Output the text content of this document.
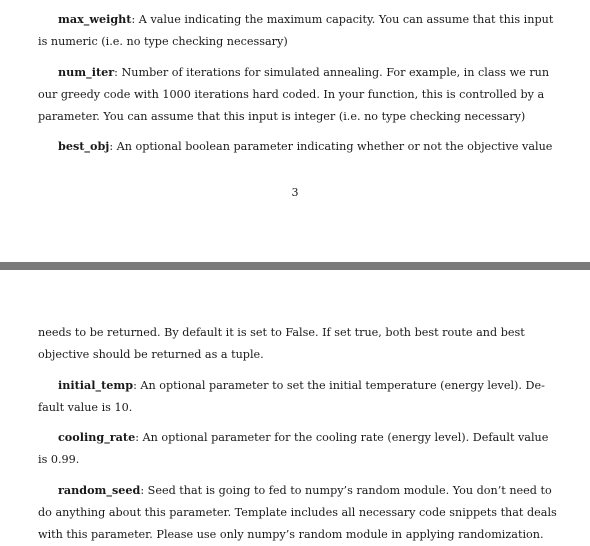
max_weight: A value indicating the maximum capacity. You can assume that this input
is numeric (i.e. no type checking necessary)

num_iter: Number of iterations for simulated annealing. For example, in class we run
our greedy code with 1000 iterations hard coded. In your function, this is controlled by a
parameter. You can assume that this input is integer (i.e. no type checking necessary)

best_obj: An optional boolean parameter indicating whether or not the objective value

3

needs to be returned. By default it is set to False. If set true, both best route and best
objective should be returned as a tuple.

initial_temp: An optional parameter to set the initial temperature (energy level). De-
fault value is 10.

cooling_rate: An optional parameter for the cooling rate (energy level). Default value
is 0.99.

random_seed: Seed that is going to fed to numpy’s random module. You don’t need to
do anything about this parameter. Template includes all necessary code snippets that deals
with this parameter. Please use only numpy’s random module in applying randomization.
